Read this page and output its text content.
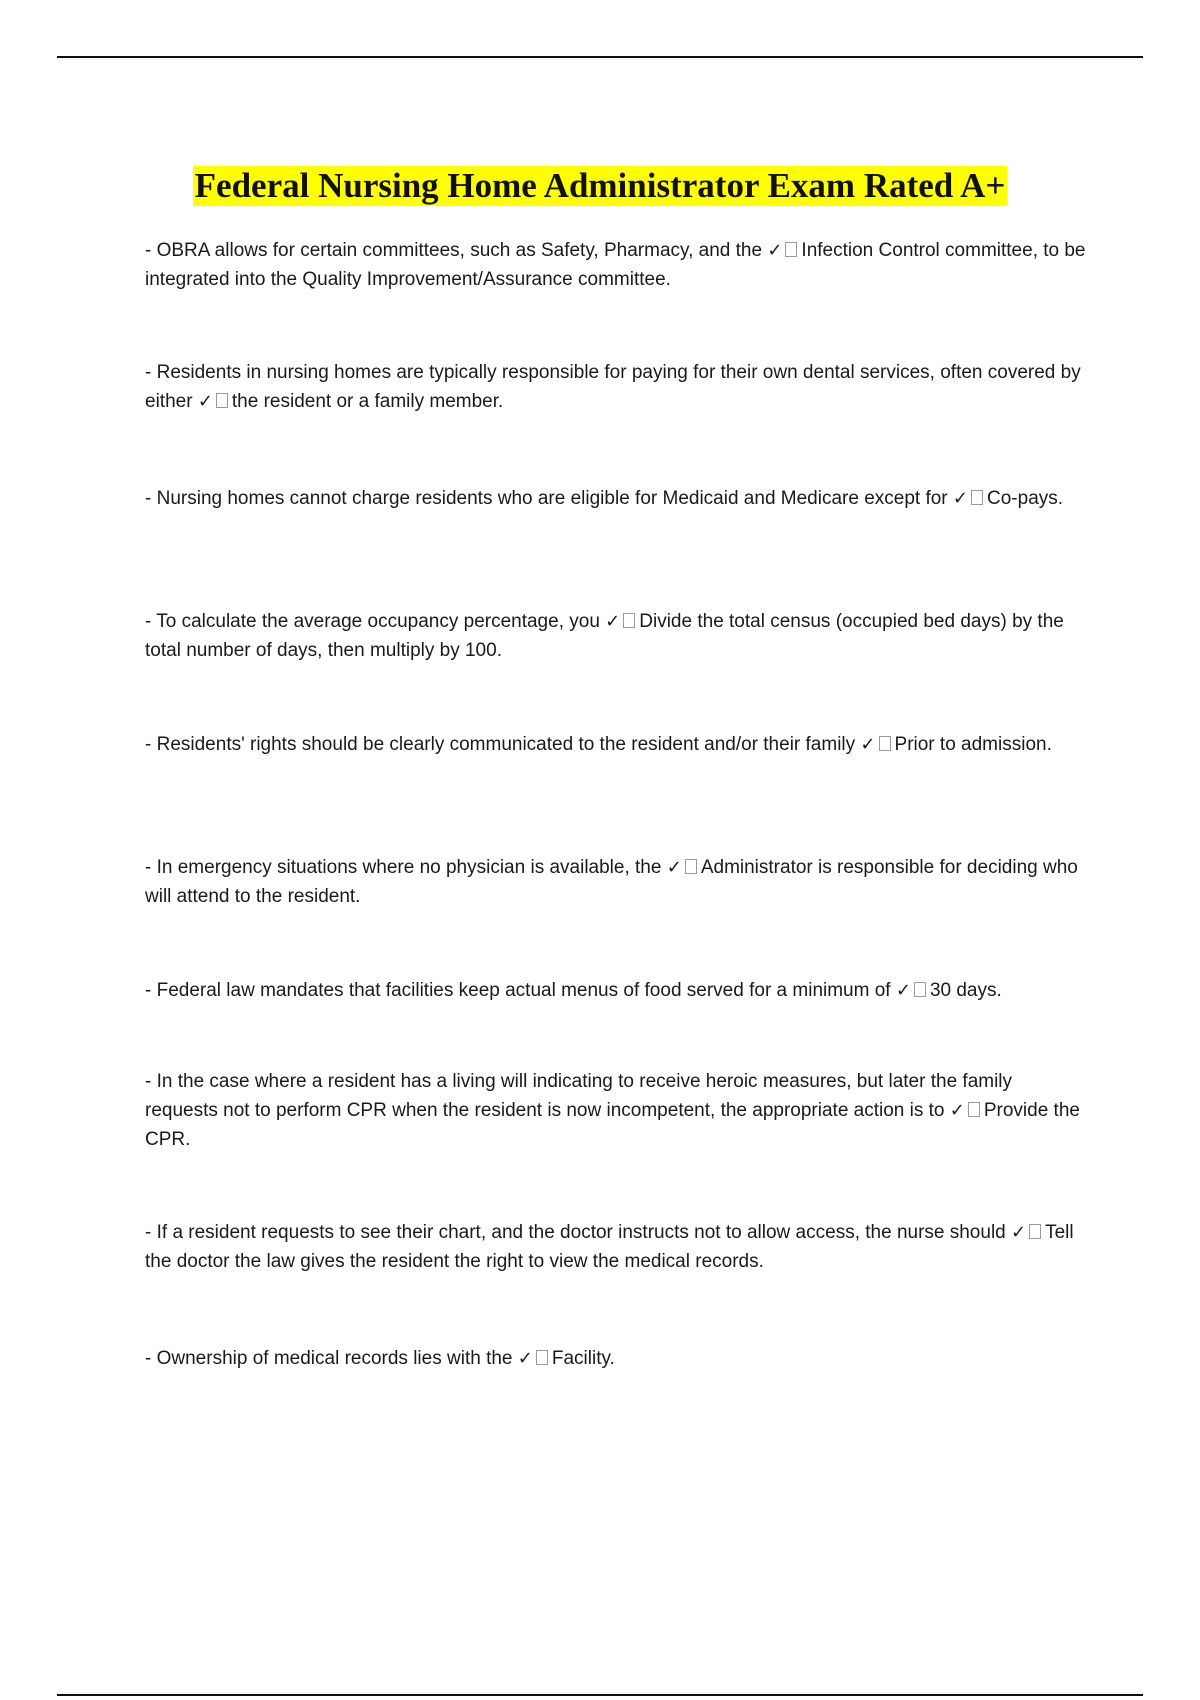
Federal Nursing Home Administrator Exam Rated A+
- OBRA allows for certain committees, such as Safety, Pharmacy, and the ✓ Infection Control committee, to be integrated into the Quality Improvement/Assurance committee.
- Residents in nursing homes are typically responsible for paying for their own dental services, often covered by either ✓ the resident or a family member.
- Nursing homes cannot charge residents who are eligible for Medicaid and Medicare except for ✓ Co-pays.
- To calculate the average occupancy percentage, you ✓ Divide the total census (occupied bed days) by the total number of days, then multiply by 100.
- Residents' rights should be clearly communicated to the resident and/or their family ✓ Prior to admission.
- In emergency situations where no physician is available, the ✓ Administrator is responsible for deciding who will attend to the resident.
- Federal law mandates that facilities keep actual menus of food served for a minimum of ✓ 30 days.
- In the case where a resident has a living will indicating to receive heroic measures, but later the family requests not to perform CPR when the resident is now incompetent, the appropriate action is to ✓ Provide the CPR.
- If a resident requests to see their chart, and the doctor instructs not to allow access, the nurse should ✓ Tell the doctor the law gives the resident the right to view the medical records.
- Ownership of medical records lies with the ✓ Facility.
